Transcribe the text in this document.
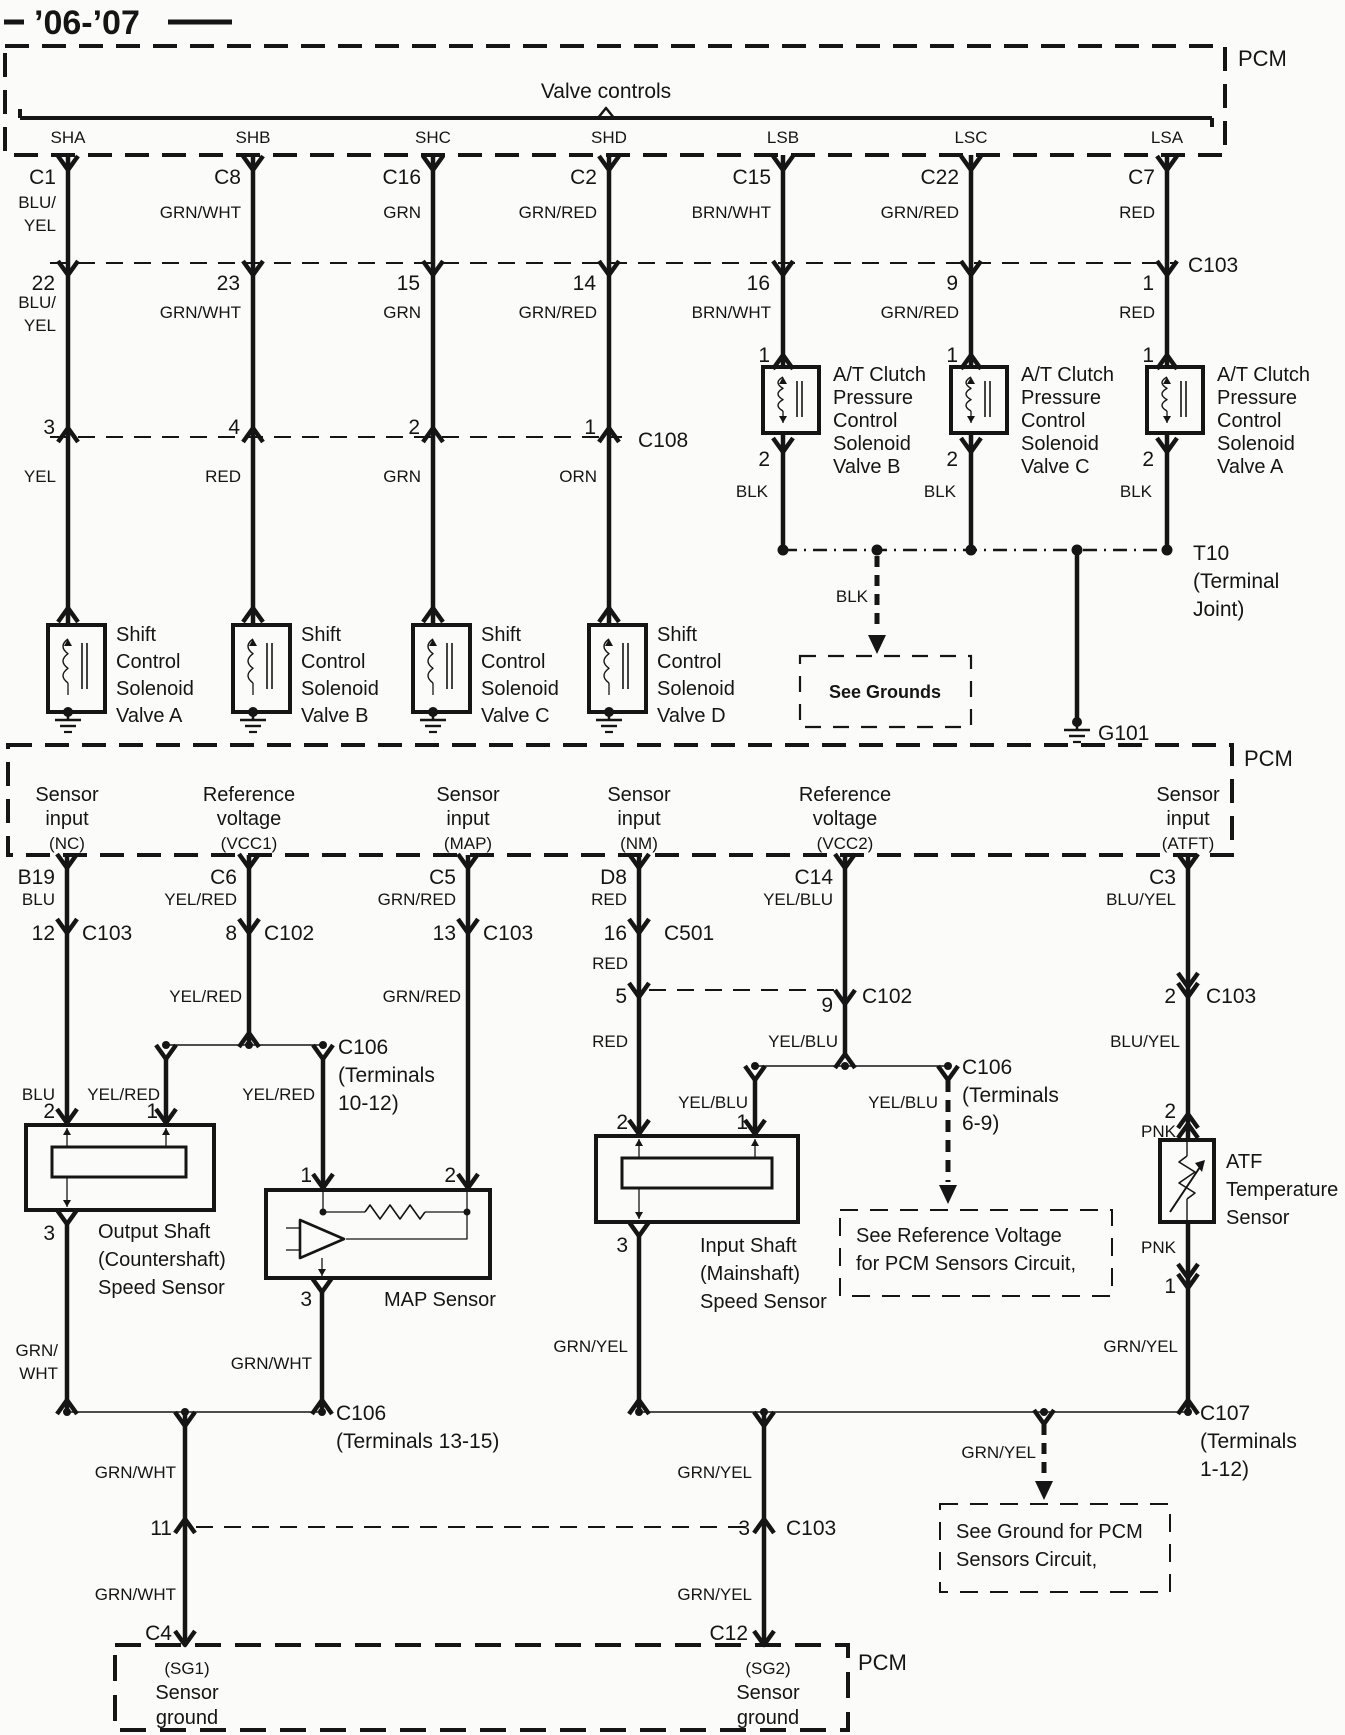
’06-’07
PCM
Valve controls
SHA
C1
BLU/
YEL
22
BLU/
YEL
3
YEL
Shift
Control
Solenoid
Valve A
SHB
C8
GRN/WHT
23
GRN/WHT
4
RED
Shift
Control
Solenoid
Valve B
SHC
C16
GRN
15
GRN
2
GRN
Shift
Control
Solenoid
Valve C
SHD
C2
GRN/RED
14
GRN/RED
1
ORN
Shift
Control
Solenoid
Valve D
LSB
C15
BRN/WHT
16
BRN/WHT
1
2
BLK
A/T Clutch
Pressure
Control
Solenoid
Valve B
LSC
C22
GRN/RED
9
GRN/RED
1
2
BLK
A/T Clutch
Pressure
Control
Solenoid
Valve C
LSA
C7
RED
1
RED
1
2
BLK
A/T Clutch
Pressure
Control
Solenoid
Valve A
C103
C108
T10
(Terminal
Joint)
BLK
See Grounds
G101
PCM
Sensor
input
(NC)
B19
BLU
Reference
voltage
(VCC1)
C6
YEL/RED
Sensor
input
(MAP)
C5
GRN/RED
Sensor
input
(NM)
D8
RED
Reference
voltage
(VCC2)
C14
YEL/BLU
Sensor
input
(ATFT)
C3
BLU/YEL
12 C103
BLU
8 C102
YEL/RED
C106
(Terminals
10-12)
YEL/RED	YEL/RED
13 C103
GRN/RED
16 C501
RED
5
RED
9 C102
YEL/BLU
C106
(Terminals
6-9)
YEL/BLU	YEL/BLU
See Reference Voltage
for PCM Sensors Circuit,
2 C103
BLU/YEL
2
PNK
ATF
Temperature
Sensor
PNK
1
GRN/YEL
2	1
3 Output Shaft
(Countershaft)
Speed Sensor
GRN/
WHT
1	2
3	MAP Sensor
GRN/WHT
2	1
3	Input Shaft
(Mainshaft)
Speed Sensor
GRN/YEL
C106
(Terminals 13-15)
C107
(Terminals
1-12)
GRN/YEL
See Ground for PCM
Sensors Circuit,
GRN/WHT
11
GRN/WHT
C4
GRN/YEL
3 C103
GRN/YEL
C12
PCM
(SG1)
Sensor
ground
(SG2)
Sensor
ground
